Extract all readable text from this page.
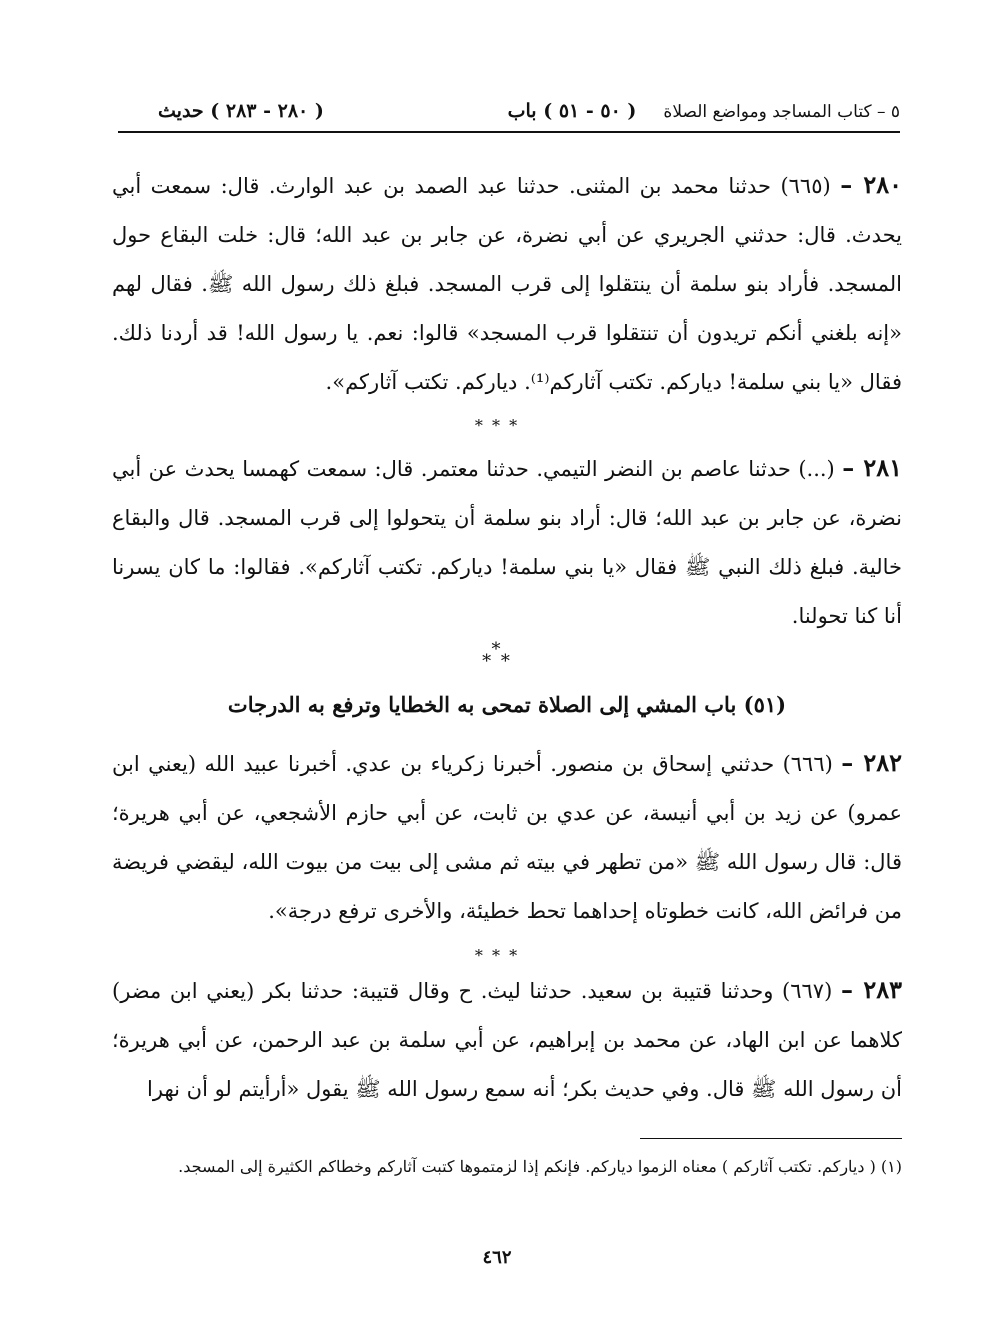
٥ – كتاب المساجد ومواضع الصلاة     ( ٥٠ - ٥١ ) باب
( ٢٨٠ - ٢٨٣ ) حديث
٢٨٠ – (٦٦٥) حدثنا محمد بن المثنى. حدثنا عبد الصمد بن عبد الوارث. قال: سمعت أبي يحدث. قال: حدثني الجريري عن أبي نضرة، عن جابر بن عبد الله؛ قال: خلت البقاع حول المسجد. فأراد بنو سلمة أن ينتقلوا إلى قرب المسجد. فبلغ ذلك رسول الله ﷺ. فقال لهم «إنه بلغني أنكم تريدون أن تنتقلوا قرب المسجد» قالوا: نعم. يا رسول الله! قد أردنا ذلك. فقال «يا بني سلمة! دياركم. تكتب آثاركم⁽¹⁾. دياركم. تكتب آثاركم».
* * *
٢٨١ – (...) حدثنا عاصم بن النضر التيمي. حدثنا معتمر. قال: سمعت كهمسا يحدث عن أبي نضرة، عن جابر بن عبد الله؛ قال: أراد بنو سلمة أن يتحولوا إلى قرب المسجد. قال والبقاع خالية. فبلغ ذلك النبي ﷺ فقال «يا بني سلمة! دياركم. تكتب آثاركم». فقالوا: ما كان يسرنا أنا كنا تحولنا.
*
* *
(٥١) باب المشي إلى الصلاة تمحى به الخطايا وترفع به الدرجات
٢٨٢ – (٦٦٦) حدثني إسحاق بن منصور. أخبرنا زكرياء بن عدي. أخبرنا عبيد الله (يعني ابن عمرو) عن زيد بن أبي أنيسة، عن عدي بن ثابت، عن أبي حازم الأشجعي، عن أبي هريرة؛ قال: قال رسول الله ﷺ «من تطهر في بيته ثم مشى إلى بيت من بيوت الله، ليقضي فريضة من فرائض الله، كانت خطوتاه إحداهما تحط خطيئة، والأخرى ترفع درجة».
* * *
٢٨٣ – (٦٦٧) وحدثنا قتيبة بن سعيد. حدثنا ليث. ح وقال قتيبة: حدثنا بكر (يعني ابن مضر) كلاهما عن ابن الهاد، عن محمد بن إبراهيم، عن أبي سلمة بن عبد الرحمن، عن أبي هريرة؛ أن رسول الله ﷺ قال. وفي حديث بكر؛ أنه سمع رسول الله ﷺ يقول «أرأيتم لو أن نهرا
(١) ( دياركم. تكتب آثاركم ) معناه الزموا دياركم. فإنكم إذا لزمتموها كتبت آثاركم وخطاكم الكثيرة إلى المسجد.
٤٦٢
